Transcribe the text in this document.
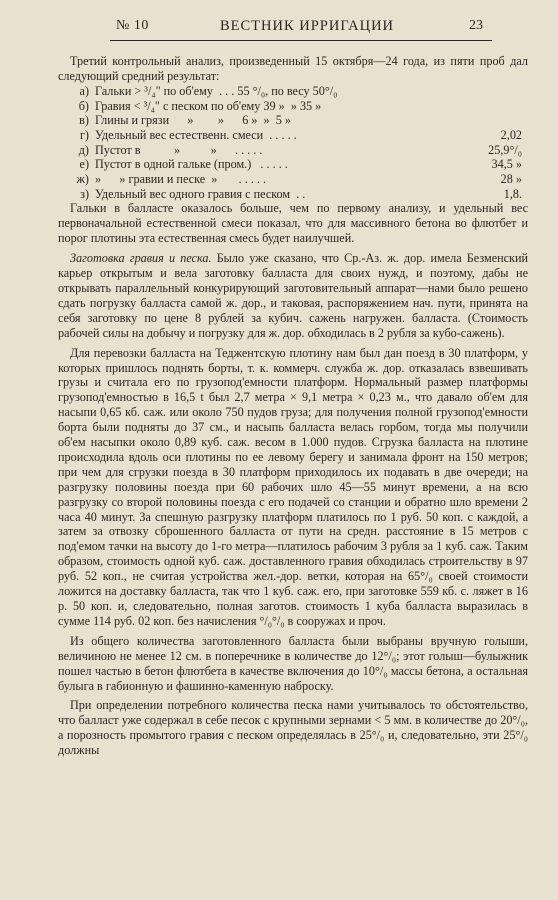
№ 10	ВЕСТНИК ИРРИГАЦИИ	23

Третий контрольный анализ, произведенный 15 октября—24 года, из пяти проб дал следующий средний результат:

а) Гальки > ³/₄" по об'ему  . . . 55 °/₀, по весу 50°/₀
б) Гравия < ³/₄" с песком по об'ему 39 »  » 35 »
в) Глины и грязи      »        »      6 »  »  5 »
г) Удельный вес естественн. смеси  . . . . .	2,02
д) Пустот в           »          »      . . . . .	25,9°/₀
е) Пустот в одной гальке (пром.)   . . . . .	34,5 »
ж) »      » гравии и песке  »       . . . . .	28 »
з) Удельный вес одного гравия с песком  . .	1,8.

Гальки в балласте оказалось больше, чем по первому анализу, и удельный вес первоначальной естественной смеси показал, что для массивного бетона во флютбет и порог плотины эта естественная смесь будет наилучшей.

Заготовка гравия и песка. Было уже сказано, что Ср.-Аз. ж. дор. имела Безменский карьер открытым и вела заготовку балласта для своих нужд, и поэтому, дабы не открывать параллельный конкурирующий заготовительный аппарат—нами было решено сдать погрузку балласта самой ж. дор., и таковая, распоряжением нач. пути, принята на себя заготовку по цене 8 рублей за кубич. сажень нагружен. балласта. (Стоимость рабочей силы на добычу и погрузку для ж. дор. обходилась в 2 рубля за кубо-сажень).

Для перевозки балласта на Теджентскую плотину нам был дан поезд в 30 платформ, у которых пришлось поднять борты, т. к. коммерч. служба ж. дор. отказалась взвешивать грузы и считала его по грузопод'емности платформ. Нормальный размер платформы грузопод'емностью в 16,5 t был 2,7 метра × 9,1 метра × 0,23 м., что давало об'ем для насыпи 0,65 кб. саж. или около 750 пудов груза; для получения полной грузопод'емности борта были подняты до 37 см., и насыпь балласта велась горбом, тогда мы получили об'ем насыпки около 0,89 куб. саж. весом в 1.000 пудов. Сгрузка балласта на плотине происходила вдоль оси плотины по ее левому берегу и занимала фронт на 150 метров; при чем для сгрузки поезда в 30 платформ приходилось их подавать в две очереди; на разгрузку половины поезда при 60 рабочих шло 45—55 минут времени, а на всю разгрузку со второй половины поезда с его подачей со станции и обратно шло времени 2 часа 40 минут. За спешную разгрузку платформ платилось по 1 руб. 50 коп. с каждой, а затем за отвозку сброшенного балласта от пути на средн. расстояние в 15 метров с под'емом тачки на высоту до 1-го метра—платилось рабочим 3 рубля за 1 куб. саж. Таким образом, стоимость одной куб. саж. доставленного гравия обходилась строительству в 97 руб. 52 коп., не считая устройства жел.-дор. ветки, которая на 65°/₀ своей стоимости ложится на доставку балласта, так что 1 куб. саж. его, при заготовке 559 кб. с. ляжет в 16 р. 50 коп. и, следовательно, полная заготов. стоимость 1 куба балласта выразилась в сумме 114 руб. 02 коп. без начисления °/₀°/₀ в сооружах и проч.

Из общего количества заготовленного балласта были выбраны вручную голыши, величиною не менее 12 см. в поперечнике в количестве до 12°/₀; этот голыш—булыжник пошел частью в бетон флютбета в качестве включения до 10°/₀ массы бетона, а остальная булыга в габионную и фашинно-каменную наброску.

При определении потребного количества песка нами учитывалось то обстоятельство, что балласт уже содержал в себе песок с крупными зернами < 5 мм. в количестве до 20°/₀, а порозность промытого гравия с песком определялась в 25°/₀ и, следовательно, эти 25°/₀ должны
